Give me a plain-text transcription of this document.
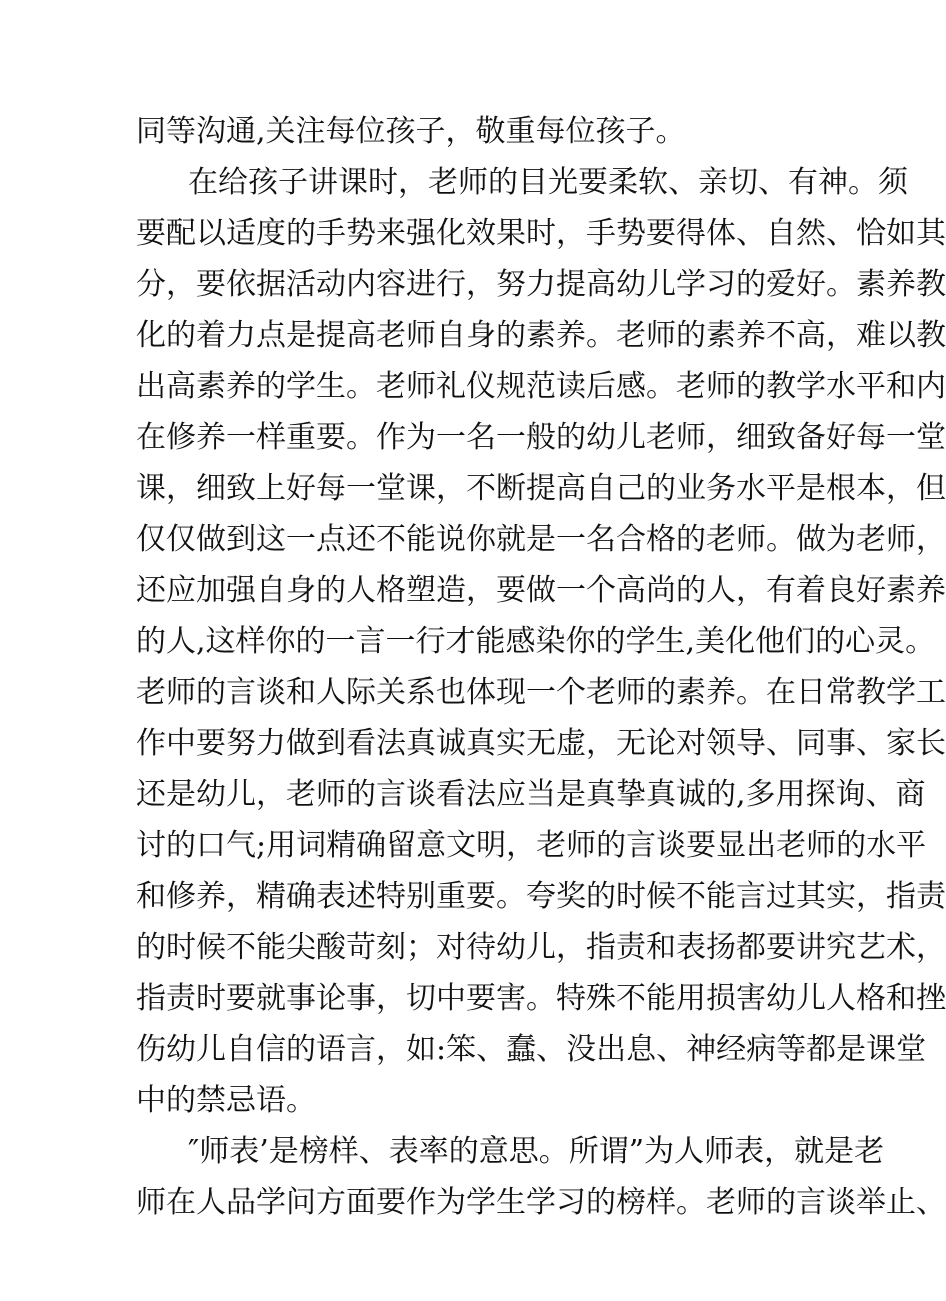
同等沟通,关注每位孩子，敬重每位孩子。
在给孩子讲课时，老师的目光要柔软、亲切、有神。须
要配以适度的手势来强化效果时，手势要得体、自然、恰如其
分，要依据活动内容进行，努力提高幼儿学习的爱好。素养教
化的着力点是提高老师自身的素养。老师的素养不高，难以教
出高素养的学生。老师礼仪规范读后感。老师的教学水平和内
在修养一样重要。作为一名一般的幼儿老师，细致备好每一堂
课，细致上好每一堂课，不断提高自己的业务水平是根本，但
仅仅做到这一点还不能说你就是一名合格的老师。做为老师，
还应加强自身的人格塑造，要做一个高尚的人，有着良好素养
的人,这样你的一言一行才能感染你的学生,美化他们的心灵。
老师的言谈和人际关系也体现一个老师的素养。在日常教学工
作中要努力做到看法真诚真实无虚，无论对领导、同事、家长
还是幼儿，老师的言谈看法应当是真挚真诚的,多用探询、商
讨的口气;用词精确留意文明，老师的言谈要显出老师的水平
和修养，精确表述特别重要。夸奖的时候不能言过其实，指责
的时候不能尖酸苛刻；对待幼儿，指责和表扬都要讲究艺术，
指责时要就事论事，切中要害。特殊不能用损害幼儿人格和挫
伤幼儿自信的语言，如:笨、蠢、没出息、神经病等都是课堂
中的禁忌语。
″师表’是榜样、表率的意思。所谓”为人师表，就是老
师在人品学问方面要作为学生学习的榜样。老师的言谈举止、
